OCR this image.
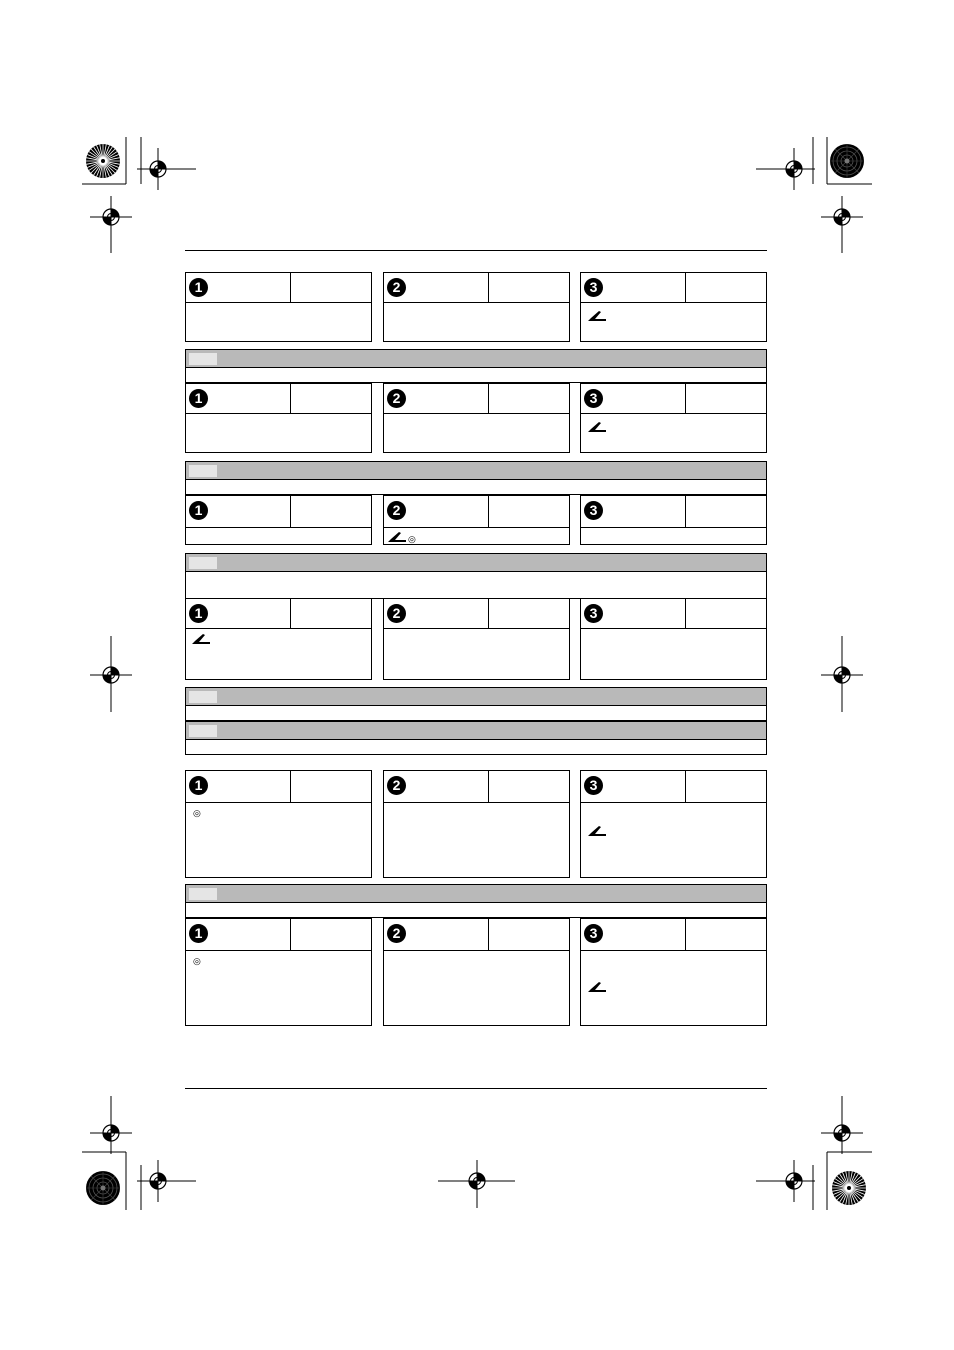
1	2	3
1	2	3
1	2
◎
3
1	2	3
1
◎
2	3
1
◎
2	3
